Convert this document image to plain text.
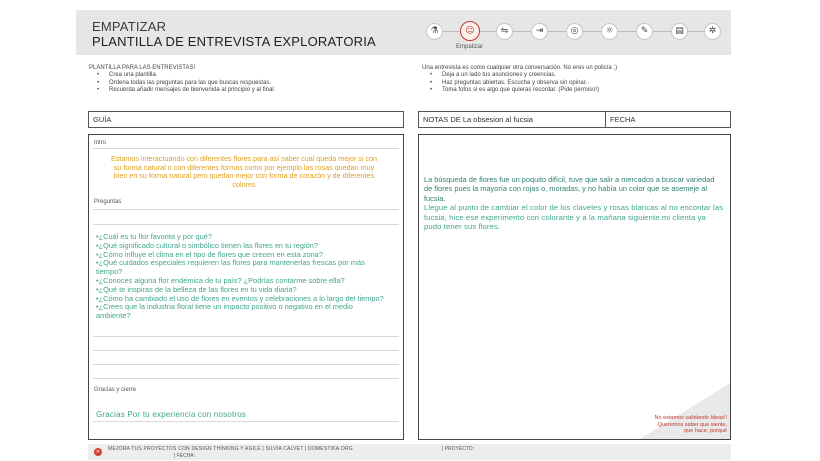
EMPATIZAR
PLANTILLA DE ENTREVISTA EXPLORATORIA
⚗	☺	⇋	⇥	◎	☼	✎	▤	✲
Empatizar
PLANTILLA PARA LAS ENTREVISTAS!
• Crea una plantilla.
• Ordena todas las preguntas para las que buscas respuestas.
• Recuerda añadir mensajes de bienvenida al principio y al final
Una entrevista es como cualquier otra conversación. No eres un policía ;)
• Deja a un lado tus asunciones y creencias.
• Haz preguntas abiertas. Escucha y observa sin opinar.
• Toma fotos si es algo que quieras recordar. (Pide permiso!)
GUÍA	NOTAS DE La obsesion al fucsia	FECHA
Intro
Estamos interactuando con diferentes flores para así saber cual queda mejor si con su forma natural o con diferentes formas como por ejemplo las rosas quedan muy bien en su forma natural pero quedan mejor con forma de corazón y de diferentes colores
Preguntas
•¿Cuál es tu flor favorita y por qué?
•¿Qué significado cultural o simbólico tienen las flores en tu región?
•¿Cómo influye el clima en el tipo de flores que crecen en esta zona?
•¿Qué cuidados especiales requieren las flores para mantenerlas frescas por más tiempo?
•¿Conoces alguna flor endémica de tu país? ¿Podrías contarme sobre ella?
•¿Qué te inspiras de la belleza de las flores en tu vida diaria?
•¿Cómo ha cambiado el uso de flores en eventos y celebraciones a lo largo del tiempo?
•¿Crees que la industria floral tiene un impacto positivo o negativo en el medio ambiente?
Gracias y cierre
Gracias Por tu experiencia con nosotros
La búsqueda de flores fue un poquito difícil, tuve que salir a mercados a buscar variedad de flores pues la mayoría con rojas o, moradas, y no había un color que se asemeje al fucsia.
Llegue al punto de cambiar el color de los claveles y rosas blancas al no encontar las fucsia, hice ese experimento con colorante y a la mañana siguiente mi clienta ya pudo tener sus flores.
No estamos validando Ideas!! Queremos saber que siente, que hace, porqué
✕	MEJORA TUS PROYECTOS CON DESIGN THINKING Y AGILE | SILVIA CALVET | DOMESTIKA.ORG
| FECHA:
| PROYECTO:
